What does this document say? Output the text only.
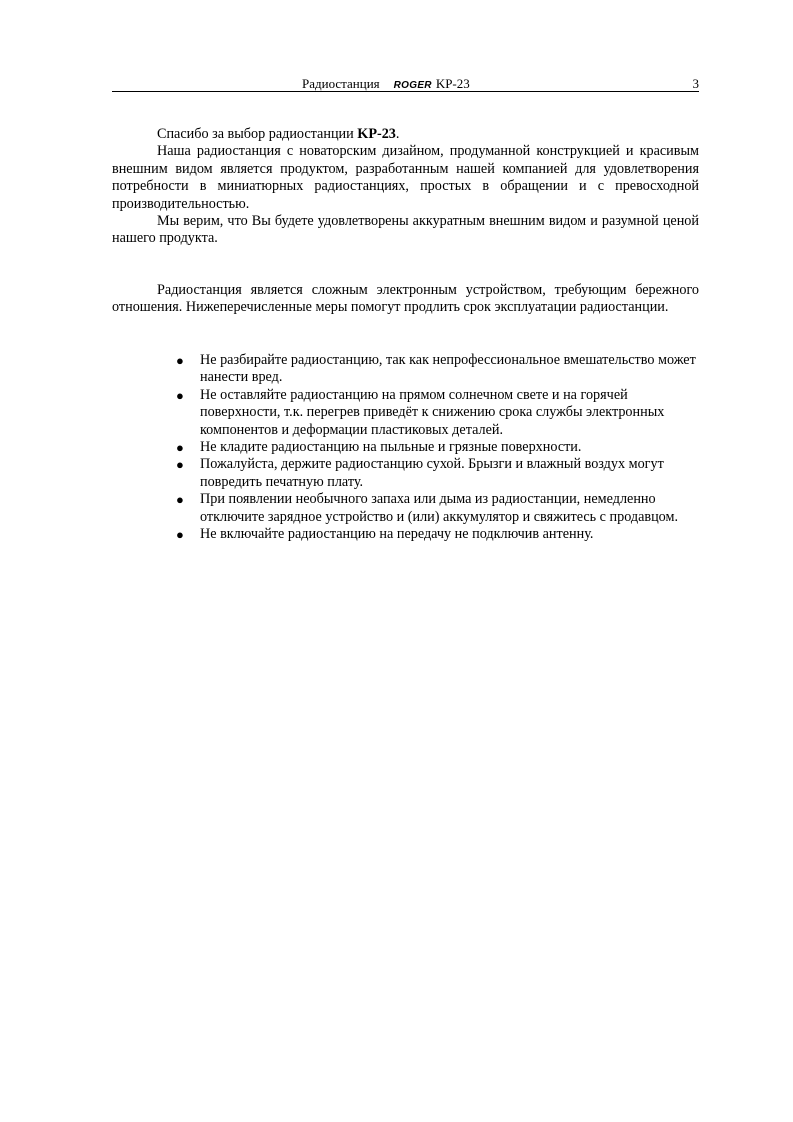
Радиостанция ROGER KP-23	3

Спасибо за выбор радиостанции KP-23.

Наша радиостанция с новаторским дизайном, продуманной конструкцией и красивым внешним видом является продуктом, разработанным нашей компанией для удовлетворения потребности в миниатюрных радиостанциях, простых в обращении и с превосходной производительностью.

Мы верим, что Вы будете удовлетворены аккуратным внешним видом и разумной ценой нашего продукта.

Радиостанция является сложным электронным устройством, требующим бережного отношения. Нижеперечисленные меры помогут продлить срок эксплуатации радиостанции.

● Не разбирайте радиостанцию, так как непрофессиональное вмешательство может нанести вред.
● Не оставляйте радиостанцию на прямом солнечном свете и на горячей поверхности, т.к. перегрев приведёт к снижению срока службы электронных компонентов и деформации пластиковых деталей.
● Не кладите радиостанцию на пыльные и грязные поверхности.
● Пожалуйста, держите радиостанцию сухой. Брызги и влажный воздух могут повредить печатную плату.
● При появлении необычного запаха или дыма из радиостанции, немедленно отключите зарядное устройство и (или) аккумулятор и свяжитесь с продавцом.
● Не включайте радиостанцию на передачу не подключив антенну.
